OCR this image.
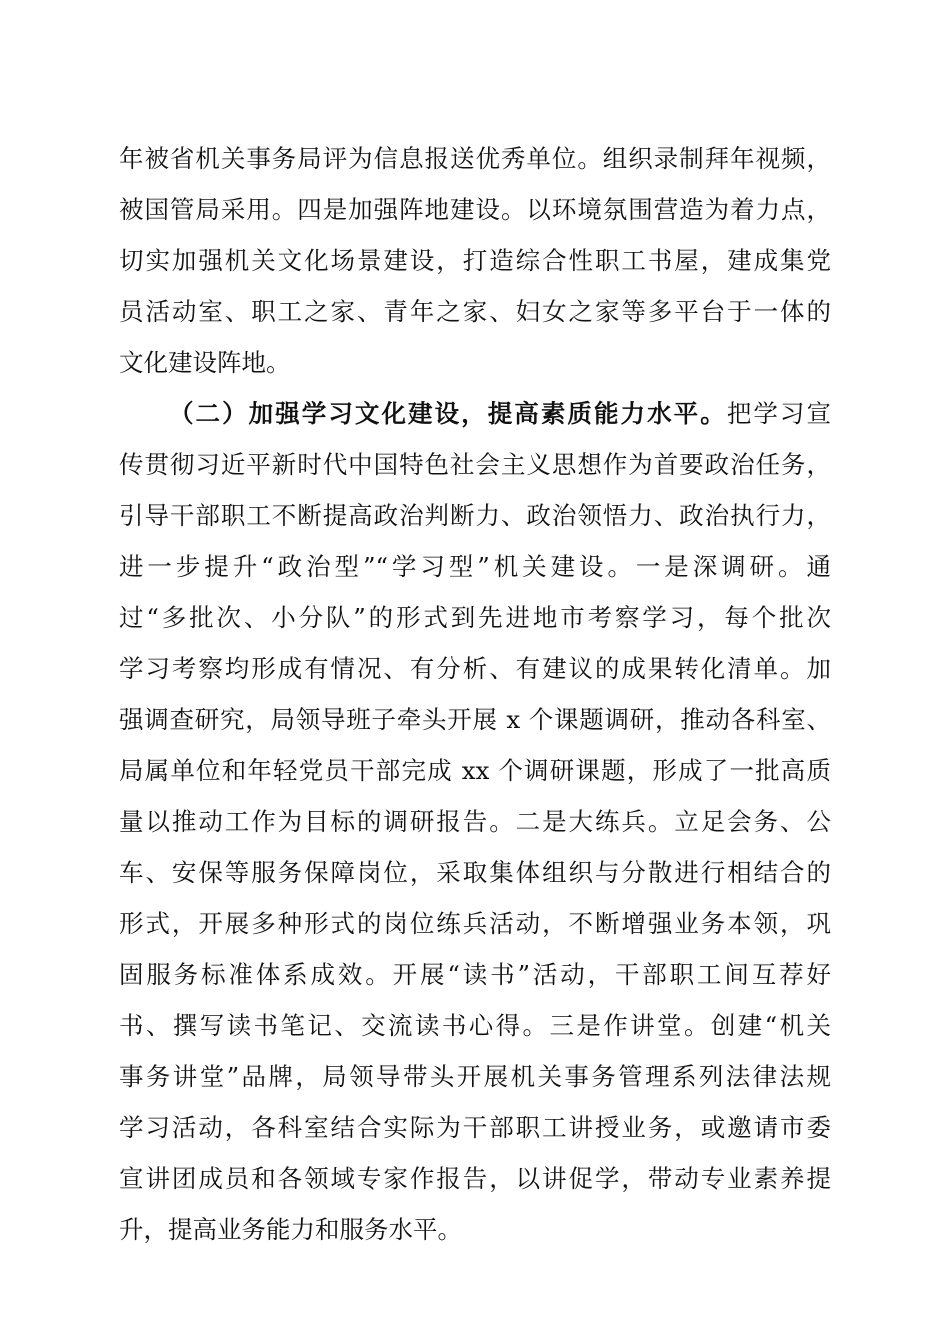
年被省机关事务局评为信息报送优秀单位。组织录制拜年视频，
被国管局采用。四是加强阵地建设。以环境氛围营造为着力点，
切实加强机关文化场景建设，打造综合性职工书屋，建成集党
员活动室、职工之家、青年之家、妇女之家等多平台于一体的
文化建设阵地。
（二）加强学习文化建设，提高素质能力水平。把学习宣
传贯彻习近平新时代中国特色社会主义思想作为首要政治任务，
引导干部职工不断提高政治判断力、政治领悟力、政治执行力，
进一步提升“政治型”“学习型”机关建设。一是深调研。通
过“多批次、小分队”的形式到先进地市考察学习，每个批次
学习考察均形成有情况、有分析、有建议的成果转化清单。加
强调查研究，局领导班子牵头开展 x 个课题调研，推动各科室、
局属单位和年轻党员干部完成 xx 个调研课题，形成了一批高质
量以推动工作为目标的调研报告。二是大练兵。立足会务、公
车、安保等服务保障岗位，采取集体组织与分散进行相结合的
形式，开展多种形式的岗位练兵活动，不断增强业务本领，巩
固服务标准体系成效。开展“读书”活动，干部职工间互荐好
书、撰写读书笔记、交流读书心得。三是作讲堂。创建“机关
事务讲堂”品牌，局领导带头开展机关事务管理系列法律法规
学习活动，各科室结合实际为干部职工讲授业务，或邀请市委
宣讲团成员和各领域专家作报告，以讲促学，带动专业素养提
升，提高业务能力和服务水平。
